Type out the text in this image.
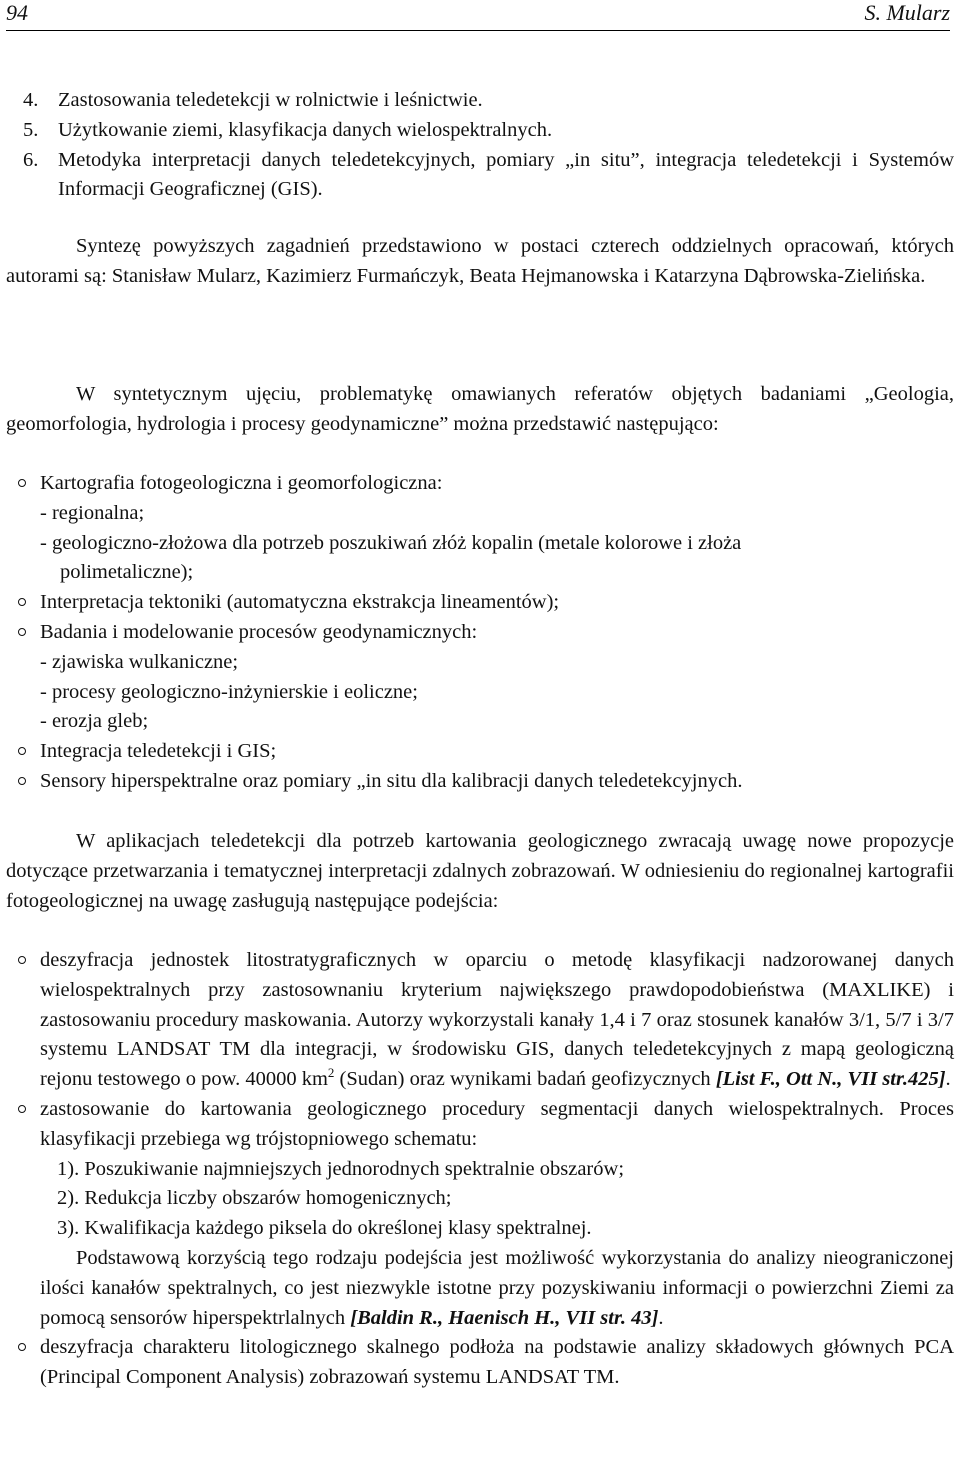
94	S. Mularz
4. Zastosowania teledetekcji w rolnictwie i leśnictwie.
5. Użytkowanie ziemi, klasyfikacja danych wielospektralnych.
6. Metodyka interpretacji danych teledetekcyjnych, pomiary „in situ”, integracja teledetekcji i Systemów Informacji Geograficznej (GIS).

Syntezę powyższych zagadnień przedstawiono w postaci czterech oddzielnych opracowań, których autorami są: Stanisław Mularz, Kazimierz Furmańczyk, Beata Hejmanowska i Katarzyna Dąbrowska-Zielińska.

W syntetycznym ujęciu, problematykę omawianych referatów objętych badaniami „Geologia, geomorfologia, hydrologia i procesy geodynamiczne” można przedstawić następująco:

Kartografia fotogeologiczna i geomorfologiczna:
- regionalna;
- geologiczno-złożowa dla potrzeb poszukiwań złóż kopalin (metale kolorowe i złoża
polimetaliczne);
Interpretacja tektoniki (automatyczna ekstrakcja lineamentów);
Badania i modelowanie procesów geodynamicznych:
- zjawiska wulkaniczne;
- procesy geologiczno-inżynierskie i eoliczne;
- erozja gleb;
Integracja teledetekcji i GIS;
Sensory hiperspektralne oraz pomiary „in situ dla kalibracji danych teledetekcyjnych.

W aplikacjach teledetekcji dla potrzeb kartowania geologicznego zwracają uwagę nowe propozycje dotyczące przetwarzania i tematycznej interpretacji zdalnych zobrazowań. W odniesieniu do regionalnej kartografii fotogeologicznej na uwagę zasługują następujące podejścia:

deszyfracja jednostek litostratygraficznych w oparciu o metodę klasyfikacji nadzorowanej danych wielospektralnych przy zastosownaniu kryterium największego prawdopodobieństwa (MAXLIKE) i zastosowaniu procedury maskowania. Autorzy wykorzystali kanały 1,4 i 7 oraz stosunek kanałów 3/1, 5/7 i 3/7 systemu LANDSAT TM dla integracji, w środowisku GIS, danych teledetekcyjnych z mapą geologiczną rejonu testowego o pow. 40000 $km^2$ (Sudan) oraz wynikami badań geofizycznych [List F., Ott N., VII str.425].
zastosowanie do kartowania geologicznego procedury segmentacji danych wielospektralnych. Proces klasyfikacji przebiega wg trójstopniowego schematu:
1). Poszukiwanie najmniejszych jednorodnych spektralnie obszarów;
2). Redukcja liczby obszarów homogenicznych;
3). Kwalifikacja każdego piksela do określonej klasy spektralnej.
Podstawową korzyścią tego rodzaju podejścia jest możliwość wykorzystania do analizy nieograniczonej ilości kanałów spektralnych, co jest niezwykle istotne przy pozyskiwaniu informacji o powierzchni Ziemi za pomocą sensorów hiperspektrlalnych [Baldin R., Haenisch H., VII str. 43].
deszyfracja charakteru litologicznego skalnego podłoża na podstawie analizy składowych głównych PCA (Principal Component Analysis) zobrazowań systemu LANDSAT TM.
